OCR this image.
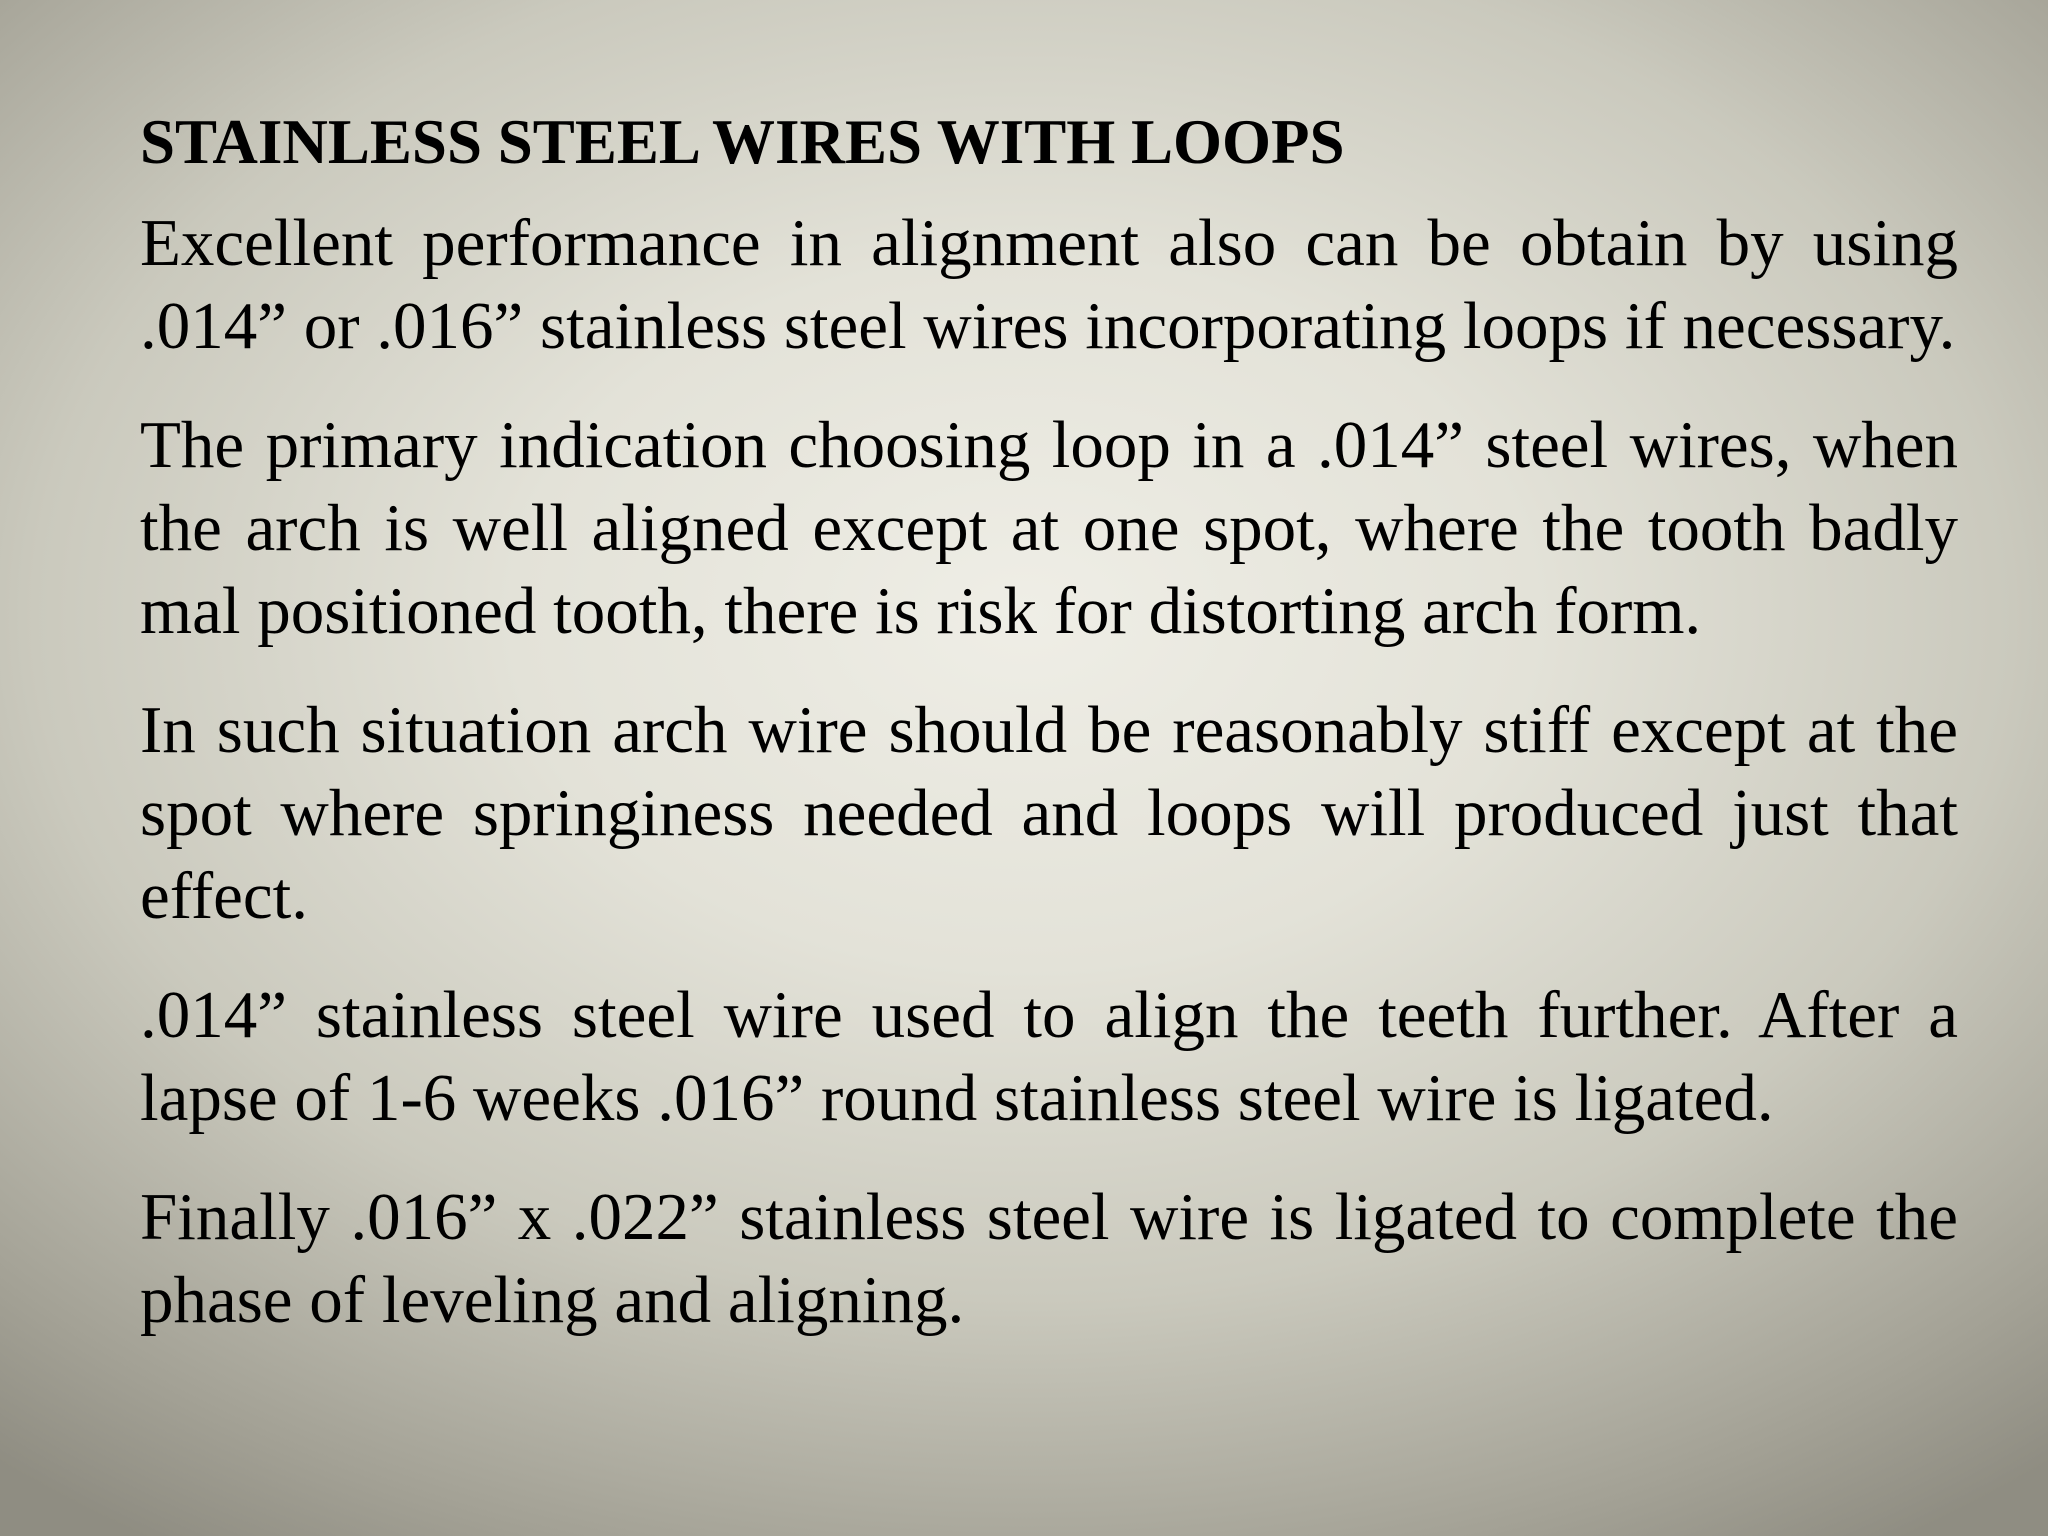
STAINLESS STEEL WIRES WITH LOOPS

Excellent performance in alignment also can be obtain by using .014” or .016” stainless steel wires incorporating loops if necessary.

The primary indication choosing loop in a .014” steel wires, when the arch is well aligned except at one spot, where the tooth badly mal positioned tooth, there is risk for distorting arch form.

In such situation arch wire should be reasonably stiff except at the spot where springiness needed and loops will produced just that effect.

.014” stainless steel wire used to align the teeth further. After a lapse of 1-6 weeks .016” round stainless steel wire is ligated.

Finally .016” x .022” stainless steel wire is ligated to complete the phase of leveling and aligning.
